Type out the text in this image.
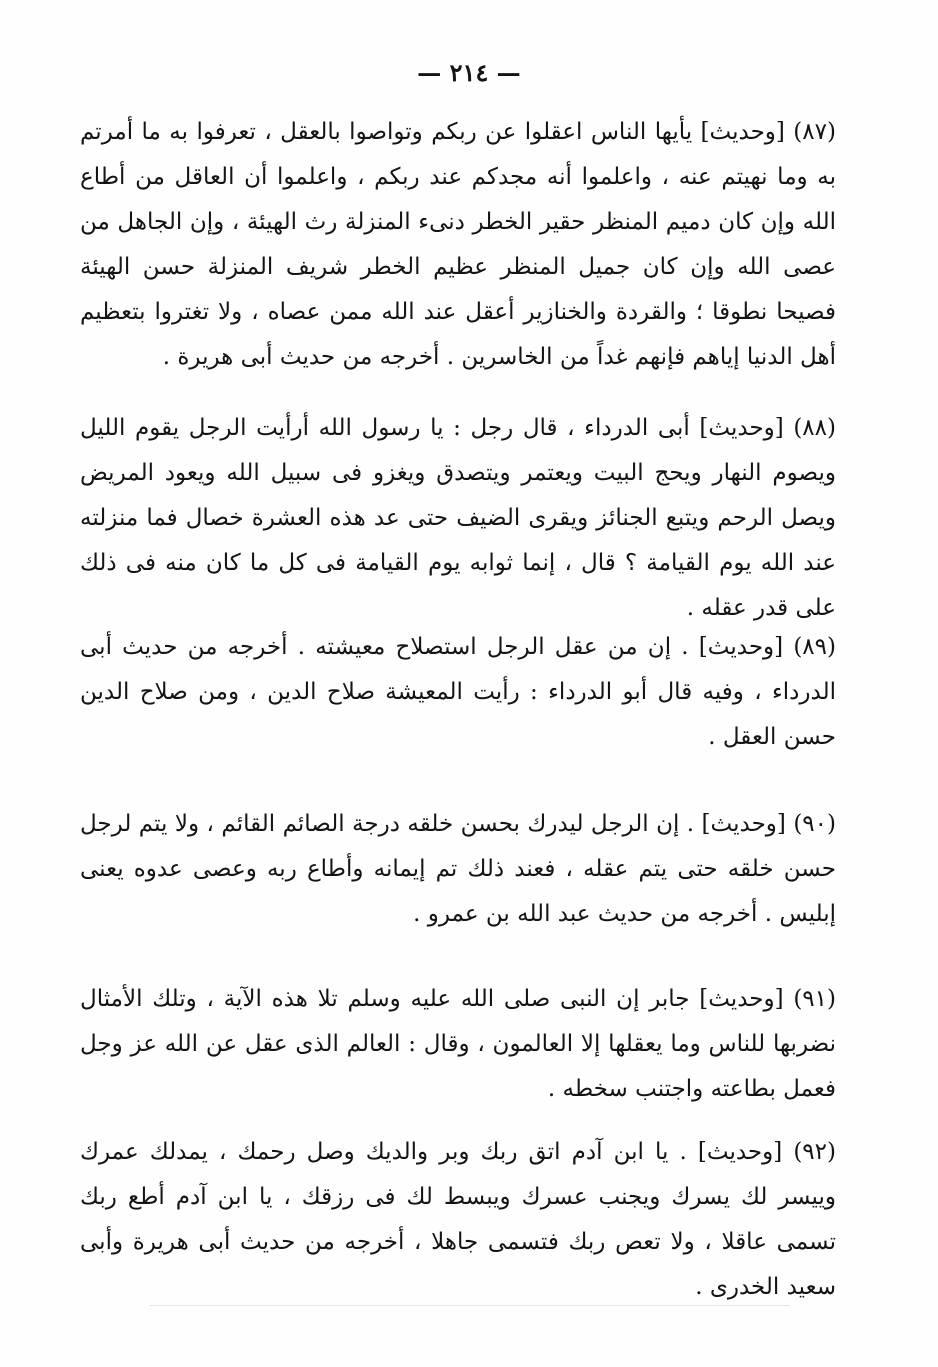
— ٢١٤ —

(٨٧) [وحديث] يأيها الناس اعقلوا عن ربكم وتواصوا بالعقل ، تعرفوا به ما أمرتم به وما نهيتم عنه ، واعلموا أنه مجدكم عند ربكم ، واعلموا أن العاقل من أطاع الله وإن كان دميم المنظر حقير الخطر دنىء المنزلة رث الهيئة ، وإن الجاهل من عصى الله وإن كان جميل المنظر عظيم الخطر شريف المنزلة حسن الهيئة فصيحا نطوقا ؛ والقردة والخنازير أعقل عند الله ممن عصاه ، ولا تغتروا بتعظيم أهل الدنيا إياهم فإنهم غداً من الخاسرين . أخرجه من حديث أبى هريرة .

(٨٨) [وحديث] أبى الدرداء ، قال رجل : يا رسول الله أرأيت الرجل يقوم الليل ويصوم النهار ويحج البيت ويعتمر ويتصدق ويغزو فى سبيل الله ويعود المريض ويصل الرحم ويتبع الجنائز ويقرى الضيف حتى عد هذه العشرة خصال فما منزلته عند الله يوم القيامة ؟ قال ، إنما ثوابه يوم القيامة فى كل ما كان منه فى ذلك على قدر عقله .

(٨٩) [وحديث] . إن من عقل الرجل استصلاح معيشته . أخرجه من حديث أبى الدرداء ، وفيه قال أبو الدرداء : رأيت المعيشة صلاح الدين ، ومن صلاح الدين حسن العقل .

(٩٠) [وحديث] . إن الرجل ليدرك بحسن خلقه درجة الصائم القائم ، ولا يتم لرجل حسن خلقه حتى يتم عقله ، فعند ذلك تم إيمانه وأطاع ربه وعصى عدوه يعنى إبليس . أخرجه من حديث عبد الله بن عمرو .

(٩١) [وحديث] جابر إن النبى صلى الله عليه وسلم تلا هذه الآية ، وتلك الأمثال نضربها للناس وما يعقلها إلا العالمون ، وقال : العالم الذى عقل عن الله عز وجل فعمل بطاعته واجتنب سخطه .

(٩٢) [وحديث] . يا ابن آدم اتق ربك وبر والديك وصل رحمك ، يمدلك عمرك وييسر لك يسرك ويجنب عسرك ويبسط لك فى رزقك ، يا ابن آدم أطع ربك تسمى عاقلا ، ولا تعص ربك فتسمى جاهلا ، أخرجه من حديث أبى هريرة وأبى سعيد الخدرى .
